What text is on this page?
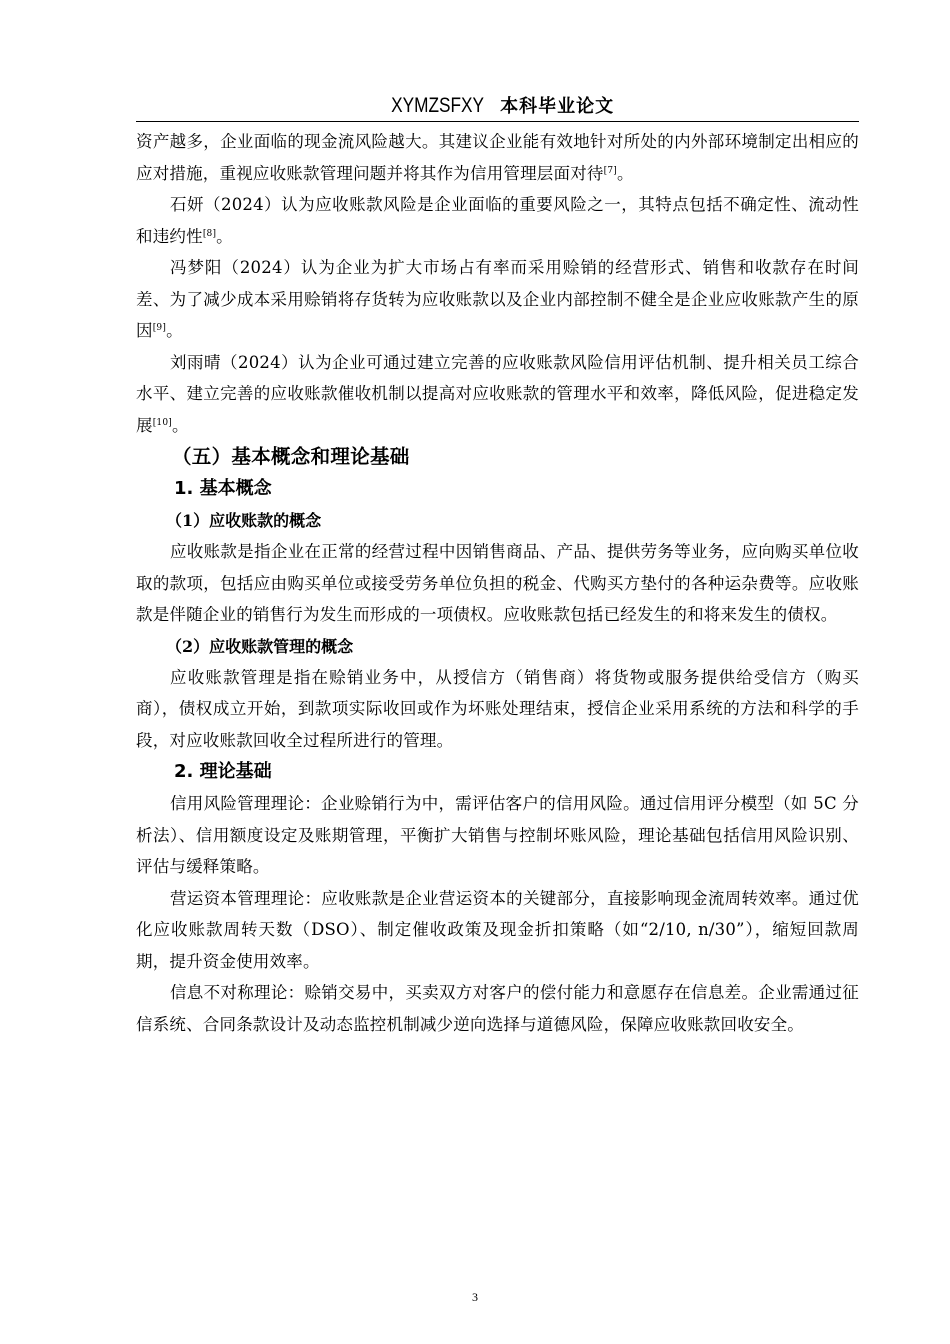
XYMZSFXY 本科毕业论文

资产越多，企业面临的现金流风险越大。其建议企业能有效地针对所处的内外部环境制定出相应的应对措施，重视应收账款管理问题并将其作为信用管理层面对待[7]。

石妍（2024）认为应收账款风险是企业面临的重要风险之一，其特点包括不确定性、流动性和违约性[8]。

冯梦阳（2024）认为企业为扩大市场占有率而采用赊销的经营形式、销售和收款存在时间差、为了减少成本采用赊销将存货转为应收账款以及企业内部控制不健全是企业应收账款产生的原因[9]。

刘雨晴（2024）认为企业可通过建立完善的应收账款风险信用评估机制、提升相关员工综合水平、建立完善的应收账款催收机制以提高对应收账款的管理水平和效率，降低风险，促进稳定发展[10]。

（五）基本概念和理论基础
1. 基本概念
（1）应收账款的概念

应收账款是指企业在正常的经营过程中因销售商品、产品、提供劳务等业务，应向购买单位收取的款项，包括应由购买单位或接受劳务单位负担的税金、代购买方垫付的各种运杂费等。应收账款是伴随企业的销售行为发生而形成的一项债权。应收账款包括已经发生的和将来发生的债权。

（2）应收账款管理的概念

应收账款管理是指在赊销业务中，从授信方（销售商）将货物或服务提供给受信方（购买商），债权成立开始，到款项实际收回或作为坏账处理结束，授信企业采用系统的方法和科学的手段，对应收账款回收全过程所进行的管理。

2. 理论基础

信用风险管理理论：企业赊销行为中，需评估客户的信用风险。通过信用评分模型（如 5C 分析法）、信用额度设定及账期管理，平衡扩大销售与控制坏账风险，理论基础包括信用风险识别、评估与缓释策略。

营运资本管理理论：应收账款是企业营运资本的关键部分，直接影响现金流周转效率。通过优化应收账款周转天数（DSO）、制定催收政策及现金折扣策略（如“2/10, n/30”），缩短回款周期，提升资金使用效率。

信息不对称理论：赊销交易中，买卖双方对客户的偿付能力和意愿存在信息差。企业需通过征信系统、合同条款设计及动态监控机制减少逆向选择与道德风险，保障应收账款回收安全。

3
